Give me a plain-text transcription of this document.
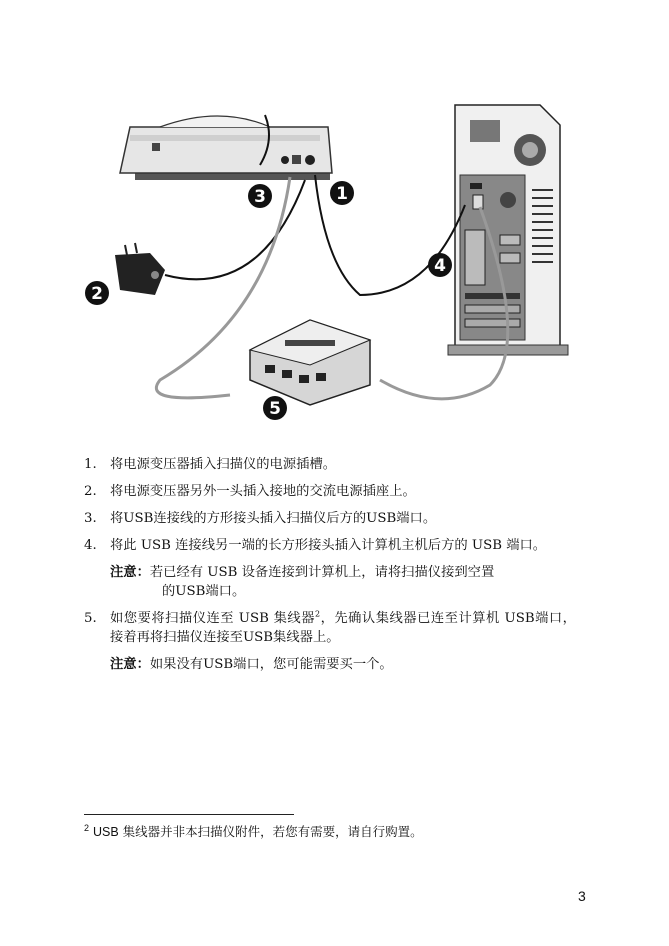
1
2
3
4
5
1. 将电源变压器插入扫描仪的电源插槽。
2. 将电源变压器另外一头插入接地的交流电源插座上。
3. 将USB连接线的方形接头插入扫描仪后方的USB端口。
4. 将此 USB 连接线另一端的长方形接头插入计算机主机后方的 USB 端口。
注意：若已经有 USB 设备连接到计算机上，请将扫描仪接到空置
的USB端口。
5. 如您要将扫描仪连至 USB 集线器$^2$，先确认集线器已连至计算机 USB端口， 接着再将扫描仪连接至USB集线器上。
注意：如果没有USB端口，您可能需要买一个。
$^2$ USB 集线器并非本扫描仪附件，若您有需要，请自行购置。
3
